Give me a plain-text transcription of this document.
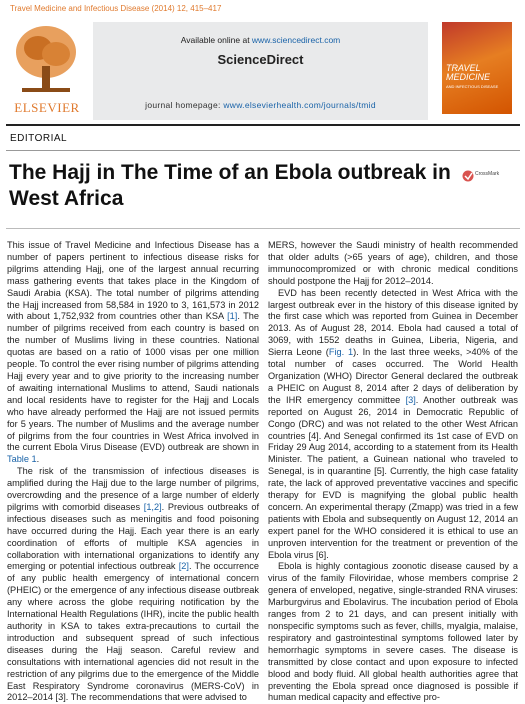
Travel Medicine and Infectious Disease (2014) 12, 415–417
ELSEVIER
Available online at www.sciencedirect.com
ScienceDirect
journal homepage: www.elsevierhealth.com/journals/tmid
TRAVEL MEDICINE
AND INFECTIOUS DISEASE
EDITORIAL
The Hajj in The Time of an Ebola outbreak in West Africa
CrossMark

This issue of Travel Medicine and Infectious Disease has a number of papers pertinent to infectious disease risks for pilgrims attending Hajj, one of the largest annual recurring mass gathering events that takes place in the Kingdom of Saudi Arabia (KSA). The total number of pilgrims attending the Hajj increased from 58,584 in 1920 to 3, 161,573 in 2012 with about 1,752,932 from countries other than KSA [1]. The number of pilgrims received from each country is based on the number of Muslims living in these countries. National quotas are based on a ratio of 1000 visas per one million people. To control the ever rising number of pilgrims attending Hajj every year and to give priority to the increasing number of awaiting international Muslims to attend, Saudi nationals and local residents have to register for the Hajj and Locals who have already performed the Hajj are not issued permits for 5 years. The number of Muslims and the average number of pilgrims from the four countries in West Africa involved in the current Ebola Virus Disease (EVD) outbreak are shown in Table 1.

The risk of the transmission of infectious diseases is amplified during the Hajj due to the large number of pilgrims, overcrowding and the presence of a large number of elderly pilgrims with comorbid diseases [1,2]. Previous outbreaks of infectious diseases such as meningitis and food poisoning have occurred during the Hajj. Each year there is an early coordination of efforts of multiple KSA agencies in collaboration with international organizations to identify any emerging or potential infectious outbreak [2]. The occurrence of any public health emergency of international concern (PHEIC) or the emergence of any infectious disease outbreak any where across the globe requiring notification by the International Health Regulations (IHR), incite the public health authority in KSA to takes extra-precautions to curtail the introduction and subsequent spread of such infectious diseases during the Hajj season. Careful review and consultations with international agencies did not result in the restriction of any pilgrims due to the emergence of the Middle East Respiratory Syndrome coronavirus (MERS-CoV) in 2012–2014 [3]. The recommendations that were advised to

MERS, however the Saudi ministry of health recommended that older adults (>65 years of age), children, and those immunocompromized or with chronic medical conditions should postpone the Hajj for 2012–2014.

EVD has been recently detected in West Africa with the largest outbreak ever in the history of this disease ignited by the first case which was reported from Guinea in December 2013. As of August 28, 2014. Ebola had caused a total of 3069, with 1552 deaths in Guinea, Liberia, Nigeria, and Sierra Leone (Fig. 1). In the last three weeks, >40% of the total number of cases occurred. The World Health Organization (WHO) Director General declared the outbreak a PHEIC on August 8, 2014 after 2 days of deliberation by the IHR emergency committee [3]. Another outbreak was reported on August 26, 2014 in Democratic Republic of Congo (DRC) and was not related to the other West African countries [4]. And Senegal confirmed its 1st case of EVD on Friday 29 Aug 2014, according to a statement from its Health Minister. The patient, a Guinean national who traveled to Senegal, is in quarantine [5]. Currently, the high case fatality rate, the lack of approved preventative vaccines and specific therapy for EVD is magnifying the global public health concern. An experimental therapy (Zmapp) was tried in a few patients with Ebola and subsequently on August 12, 2014 an expert panel for the WHO considered it is ethical to use an unproven intervention for the treatment or prevention of the Ebola virus [6].

Ebola is highly contagious zoonotic disease caused by a virus of the family Filoviridae, whose members comprise 2 genera of enveloped, negative, single-stranded RNA viruses: Marburgvirus and Ebolavirus. The incubation period of Ebola ranges from 2 to 21 days, and can present initially with nonspecific symptoms such as fever, chills, myalgia, malaise, respiratory and gastrointestinal symptoms followed later by hemorrhagic symptoms in severe cases. The disease is transmitted by close contact and upon exposure to infected blood and body fluid. All global health authorities agree that preventing the Ebola spread once diagnosed is possible if human medical capacity and effective pro-
